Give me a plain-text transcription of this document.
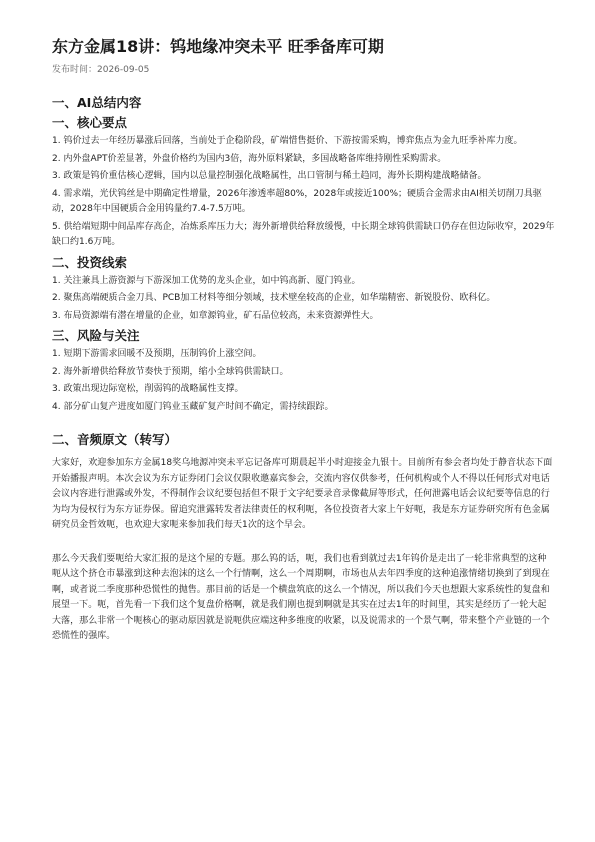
东方金属18讲：钨地缘冲突未平 旺季备库可期
发布时间：2026-09-05
一、AI总结内容
一、核心要点
1. 钨价过去一年经历暴涨后回落，当前处于企稳阶段，矿端惜售挺价、下游按需采购，博弈焦点为金九旺季补库力度。
2. 内外盘APT价差显著，外盘价格约为国内3倍，海外原料紧缺，多国战略备库维持刚性采购需求。
3. 政策是钨价重估核心逻辑，国内以总量控制强化战略属性，出口管制与稀土趋同，海外长期构建战略储备。
4. 需求端，光伏钨丝是中期确定性增量，2026年渗透率超80%，2028年或接近100%；硬质合金需求由AI相关切削刀具驱动，2028年中国硬质合金用钨量约7.4-7.5万吨。
5. 供给端短期中间品库存高企，冶炼系库压力大；海外新增供给释放缓慢，中长期全球钨供需缺口仍存在但边际收窄，2029年缺口约1.6万吨。
二、投资线索
1. 关注兼具上游资源与下游深加工优势的龙头企业，如中钨高新、厦门钨业。
2. 聚焦高端硬质合金刀具、PCB加工材料等细分领域，技术壁垒较高的企业，如华瑞精密、新锐股份、欧科亿。
3. 布局资源端有潜在增量的企业，如章源钨业，矿石品位较高，未来资源弹性大。
三、风险与关注
1. 短期下游需求回暖不及预期，压制钨价上涨空间。
2. 海外新增供给释放节奏快于预期，缩小全球钨供需缺口。
3. 政策出现边际宽松，削弱钨的战略属性支撑。
4. 部分矿山复产进度如厦门钨业玉藏矿复产时间不确定，需持续跟踪。
二、音频原文（转写）

大家好，欢迎参加东方金属18奖乌地源冲突未平忘记备库可期晨起半小时迎接金九银十。目前所有参会者均处于静音状态下面开始播报声明。本次会议为东方证券闭门会议仅限收邀嘉宾参会，交流内容仅供参考，任何机构或个人不得以任何形式对电话会议内容进行泄露或外发，不得制作会议纪要包括但不限于文字纪要录音录像截屏等形式，任何泄露电话会议纪要等信息的行为均为侵权行为东方证券保。留追究泄露转发者法律责任的权利呃，各位投资者大家上午好呃，我是东方证券研究所有色金属研究员金哲效呃，也欢迎大家呃来参加我们每天1次的这个早会。

那么今天我们要呃给大家汇报的是这个屋的专题。那么钨的话，呃，我们也看到就过去1年钨价是走出了一轮非常典型的这种呃从这个挤仓市暴涨到这种去泡沫的这么一个行情啊，这么一个周期啊，市场也从去年四季度的这种追涨情绪切换到了到现在啊，或者说二季度那种恐慌性的抛售。那目前的话是一个横盘筑底的这么一个情况，所以我们今天也想跟大家系统性的复盘和展望一下。呃，首先看一下我们这个复盘价格啊，就是我们刚也提到啊就是其实在过去1年的时间里，其实是经历了一轮大起大落，那么非常一个呃核心的驱动原因就是说呃供应端这种多维度的收紧，以及说需求的一个景气啊，带来整个产业链的一个恐慌性的强库。
